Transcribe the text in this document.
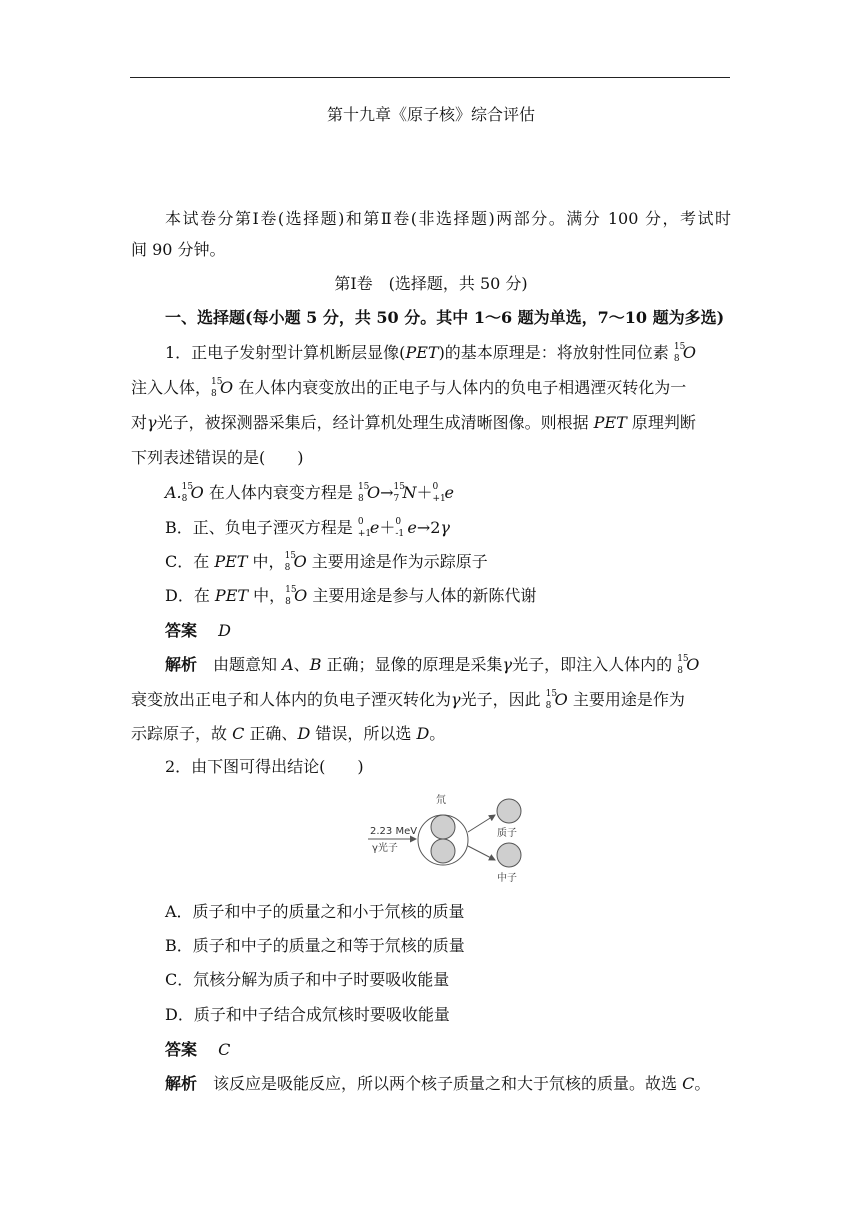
第十九章《原子核》综合评估
本试卷分第Ⅰ卷(选择题)和第Ⅱ卷(非选择题)两部分。满分 100 分，考试时
间 90 分钟。
第Ⅰ卷　(选择题，共 50 分)
一、选择题(每小题 5 分，共 50 分。其中 1～6 题为单选，7～10 题为多选)
1．正电子发射型计算机断层显像(PET)的基本原理是：将放射性同位素 15
8 O
注入人体， 15
8 O 在人体内衰变放出的正电子与人体内的负电子相遇湮灭转化为一
对γ光子，被探测器采集后，经计算机处理生成清晰图像。则根据 PET 原理判断
下列表述错误的是(　　)
A. 15
8 O 在人体内衰变方程是 15
8 O→ 15
7 N＋ 0
+1
e
B．正、负电子湮灭方程是 0
+1
e＋ 0
-1 e→2γ
C．在 PET 中， 15
8 O 主要用途是作为示踪原子
D．在 PET 中， 15
8 O 主要用途是参与人体的新陈代谢
答案　 D
解析　由题意知 A、B 正确；显像的原理是采集γ光子，即注入人体内的 15
8 O
衰变放出正电子和人体内的负电子湮灭转化为γ光子，因此 15
8 O 主要用途是作为
示踪原子，故 C 正确、D 错误，所以选 D。
2．由下图可得出结论(　　)
2.23 MeV
γ光子
氘
质子
中子
A．质子和中子的质量之和小于氘核的质量
B．质子和中子的质量之和等于氘核的质量
C．氘核分解为质子和中子时要吸收能量
D．质子和中子结合成氘核时要吸收能量
答案　 C
解析　该反应是吸能反应，所以两个核子质量之和大于氘核的质量。故选 C。
